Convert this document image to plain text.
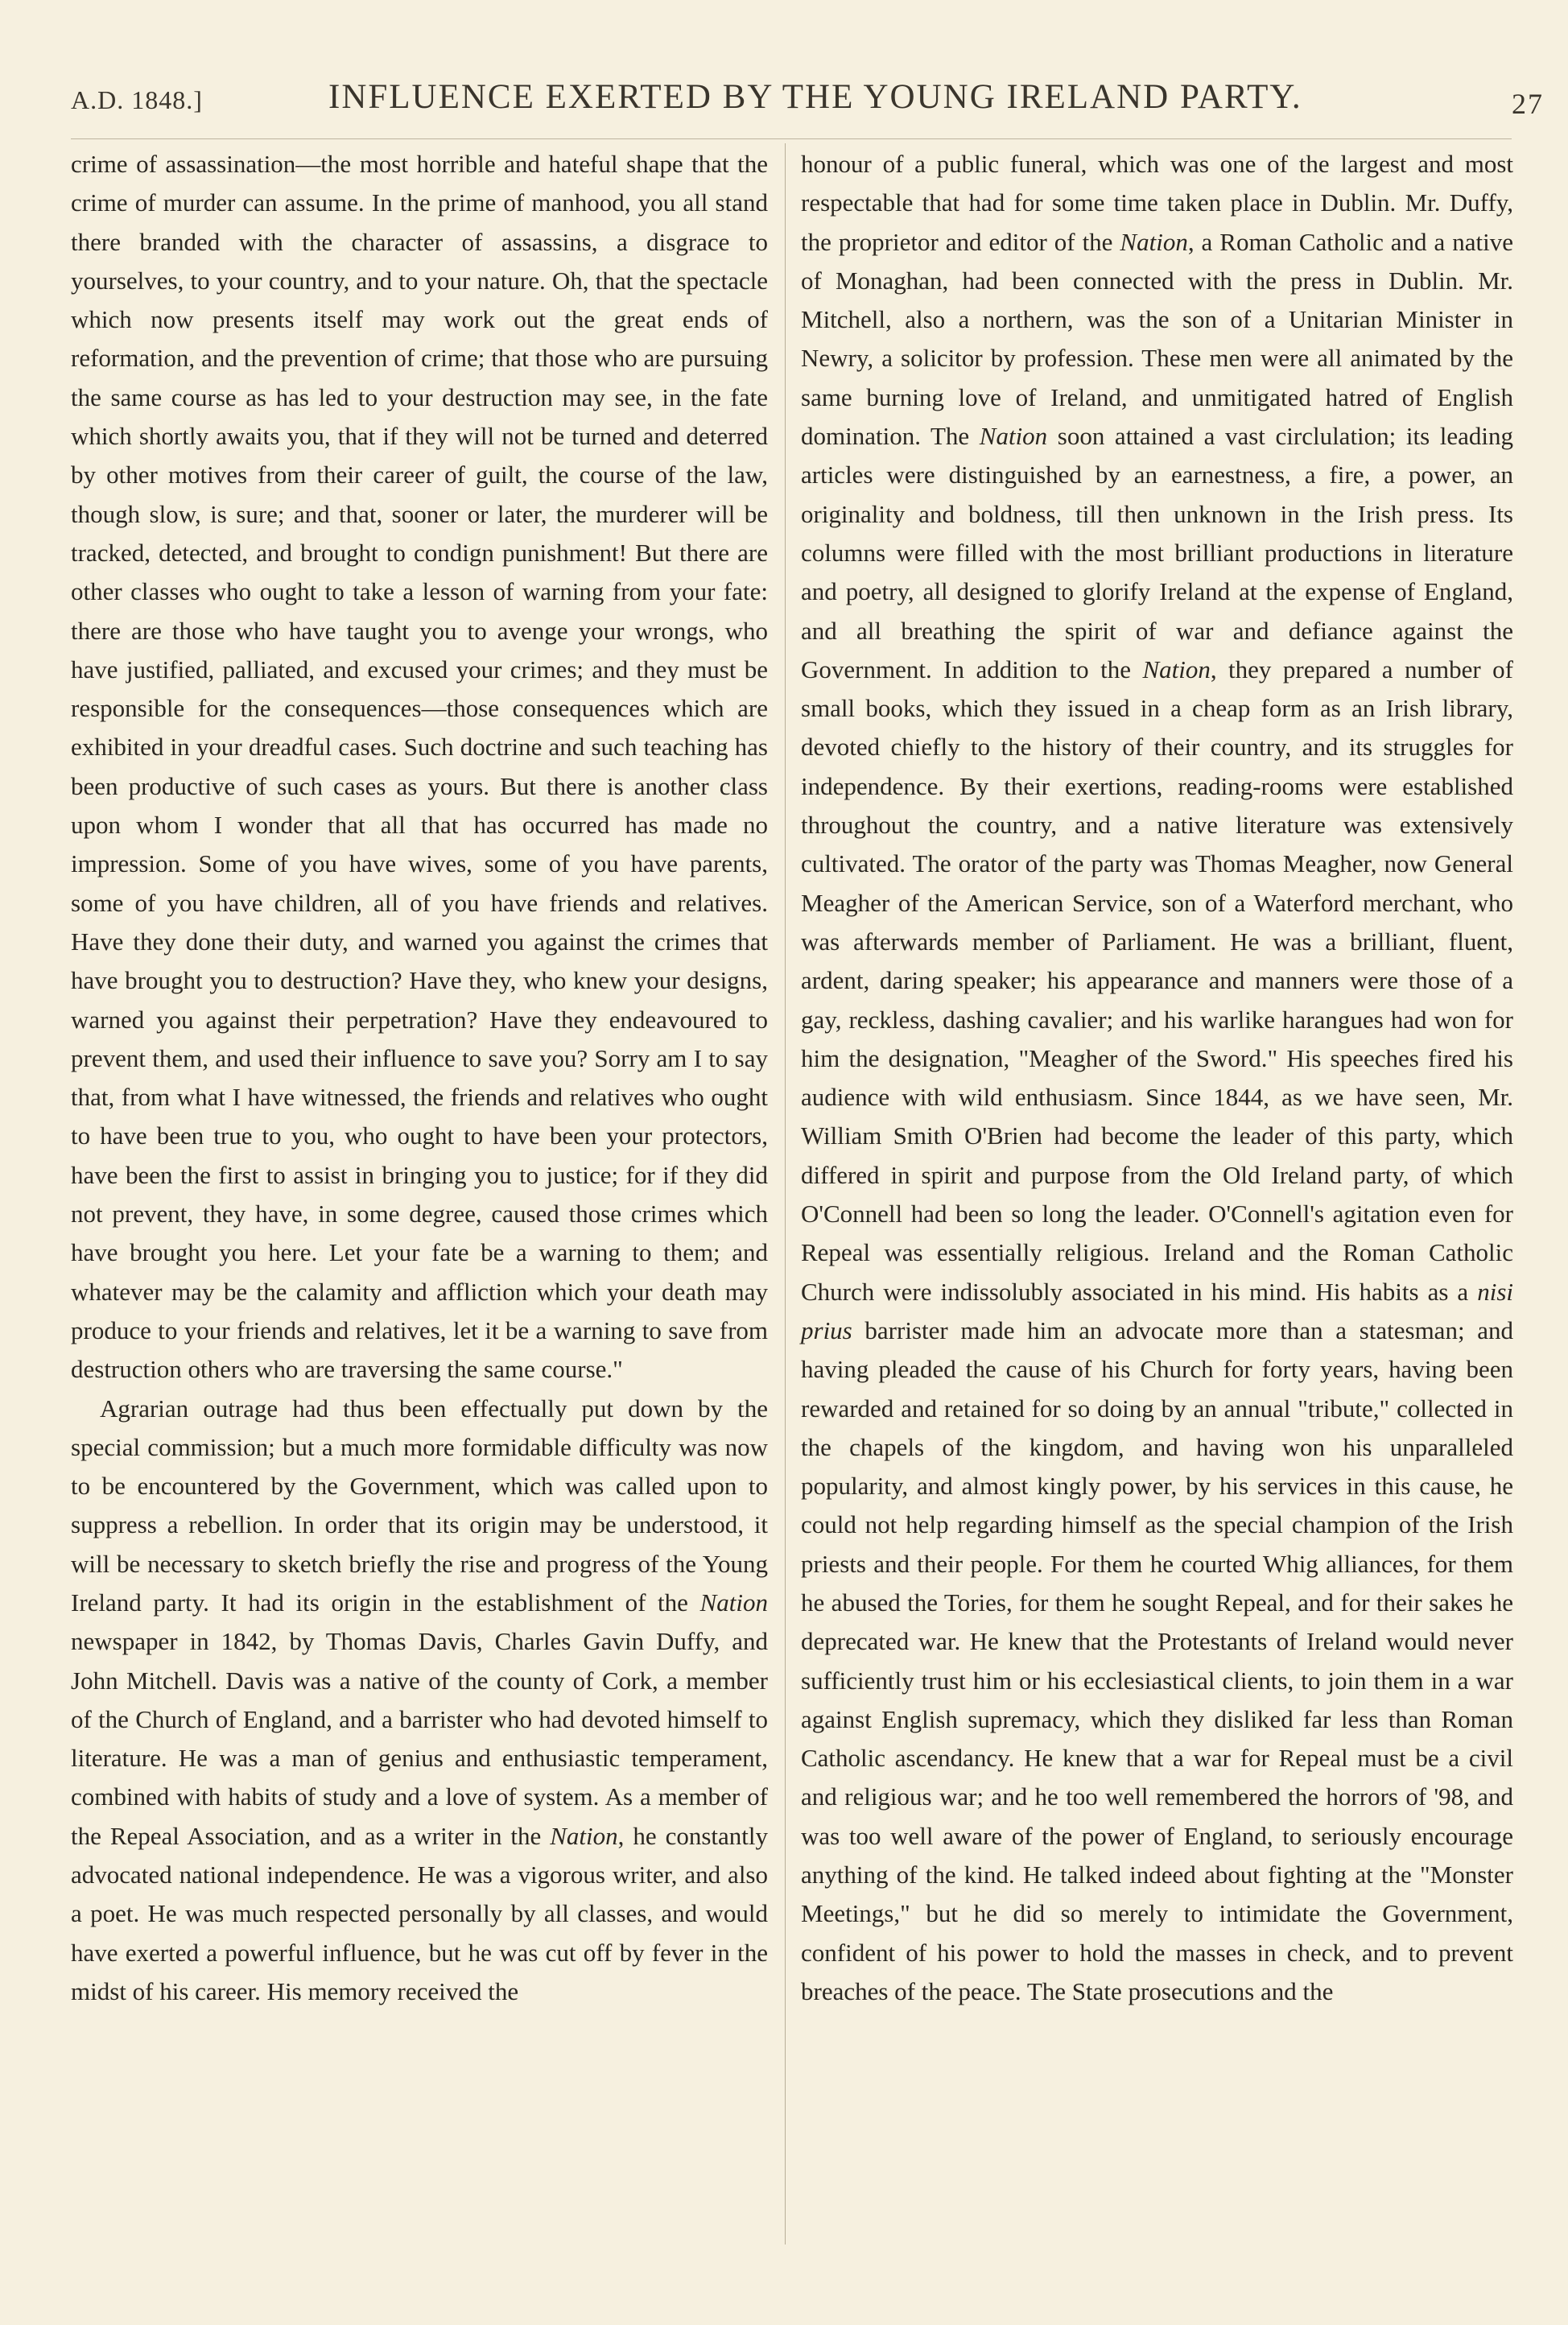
A.D. 1848.]	INFLUENCE EXERTED BY THE YOUNG IRELAND PARTY.	27

crime of assassination—the most horrible and hateful shape that the crime of murder can assume. In the prime of manhood, you all stand there branded with the character of assassins, a disgrace to yourselves, to your country, and to your nature. Oh, that the spectacle which now presents itself may work out the great ends of reformation, and the prevention of crime; that those who are pursuing the same course as has led to your destruction may see, in the fate which shortly awaits you, that if they will not be turned and deterred by other motives from their career of guilt, the course of the law, though slow, is sure; and that, sooner or later, the murderer will be tracked, detected, and brought to condign punishment! But there are other classes who ought to take a lesson of warning from your fate: there are those who have taught you to avenge your wrongs, who have justified, palliated, and excused your crimes; and they must be responsible for the consequences—those consequences which are exhibited in your dreadful cases. Such doctrine and such teaching has been productive of such cases as yours. But there is another class upon whom I wonder that all that has occurred has made no impression. Some of you have wives, some of you have parents, some of you have children, all of you have friends and relatives. Have they done their duty, and warned you against the crimes that have brought you to destruction? Have they, who knew your designs, warned you against their perpetration? Have they endeavoured to prevent them, and used their influence to save you? Sorry am I to say that, from what I have witnessed, the friends and relatives who ought to have been true to you, who ought to have been your protectors, have been the first to assist in bringing you to justice; for if they did not prevent, they have, in some degree, caused those crimes which have brought you here. Let your fate be a warning to them; and whatever may be the calamity and affliction which your death may produce to your friends and relatives, let it be a warning to save from destruction others who are traversing the same course."

Agrarian outrage had thus been effectually put down by the special commission; but a much more formidable difficulty was now to be encountered by the Government, which was called upon to suppress a rebellion. In order that its origin may be understood, it will be necessary to sketch briefly the rise and progress of the Young Ireland party. It had its origin in the establishment of the Nation newspaper in 1842, by Thomas Davis, Charles Gavin Duffy, and John Mitchell. Davis was a native of the county of Cork, a member of the Church of England, and a barrister who had devoted himself to literature. He was a man of genius and enthusiastic temperament, combined with habits of study and a love of system. As a member of the Repeal Association, and as a writer in the Nation, he constantly advocated national independence. He was a vigorous writer, and also a poet. He was much respected personally by all classes, and would have exerted a powerful influence, but he was cut off by fever in the midst of his career. His memory received the

honour of a public funeral, which was one of the largest and most respectable that had for some time taken place in Dublin. Mr. Duffy, the proprietor and editor of the Nation, a Roman Catholic and a native of Monaghan, had been connected with the press in Dublin. Mr. Mitchell, also a northern, was the son of a Unitarian Minister in Newry, a solicitor by profession. These men were all animated by the same burning love of Ireland, and unmitigated hatred of English domination. The Nation soon attained a vast circlulation; its leading articles were distinguished by an earnestness, a fire, a power, an originality and boldness, till then unknown in the Irish press. Its columns were filled with the most brilliant productions in literature and poetry, all designed to glorify Ireland at the expense of England, and all breathing the spirit of war and defiance against the Government. In addition to the Nation, they prepared a number of small books, which they issued in a cheap form as an Irish library, devoted chiefly to the history of their country, and its struggles for independence. By their exertions, reading-rooms were established throughout the country, and a native literature was extensively cultivated. The orator of the party was Thomas Meagher, now General Meagher of the American Service, son of a Waterford merchant, who was afterwards member of Parliament. He was a brilliant, fluent, ardent, daring speaker; his appearance and manners were those of a gay, reckless, dashing cavalier; and his warlike harangues had won for him the designation, "Meagher of the Sword." His speeches fired his audience with wild enthusiasm. Since 1844, as we have seen, Mr. William Smith O'Brien had become the leader of this party, which differed in spirit and purpose from the Old Ireland party, of which O'Connell had been so long the leader. O'Connell's agitation even for Repeal was essentially religious. Ireland and the Roman Catholic Church were indissolubly associated in his mind. His habits as a nisi prius barrister made him an advocate more than a statesman; and having pleaded the cause of his Church for forty years, having been rewarded and retained for so doing by an annual "tribute," collected in the chapels of the kingdom, and having won his unparalleled popularity, and almost kingly power, by his services in this cause, he could not help regarding himself as the special champion of the Irish priests and their people. For them he courted Whig alliances, for them he abused the Tories, for them he sought Repeal, and for their sakes he deprecated war. He knew that the Protestants of Ireland would never sufficiently trust him or his ecclesiastical clients, to join them in a war against English supremacy, which they disliked far less than Roman Catholic ascendancy. He knew that a war for Repeal must be a civil and religious war; and he too well remembered the horrors of '98, and was too well aware of the power of England, to seriously encourage anything of the kind. He talked indeed about fighting at the "Monster Meetings," but he did so merely to intimidate the Government, confident of his power to hold the masses in check, and to prevent breaches of the peace. The State prosecutions and the
